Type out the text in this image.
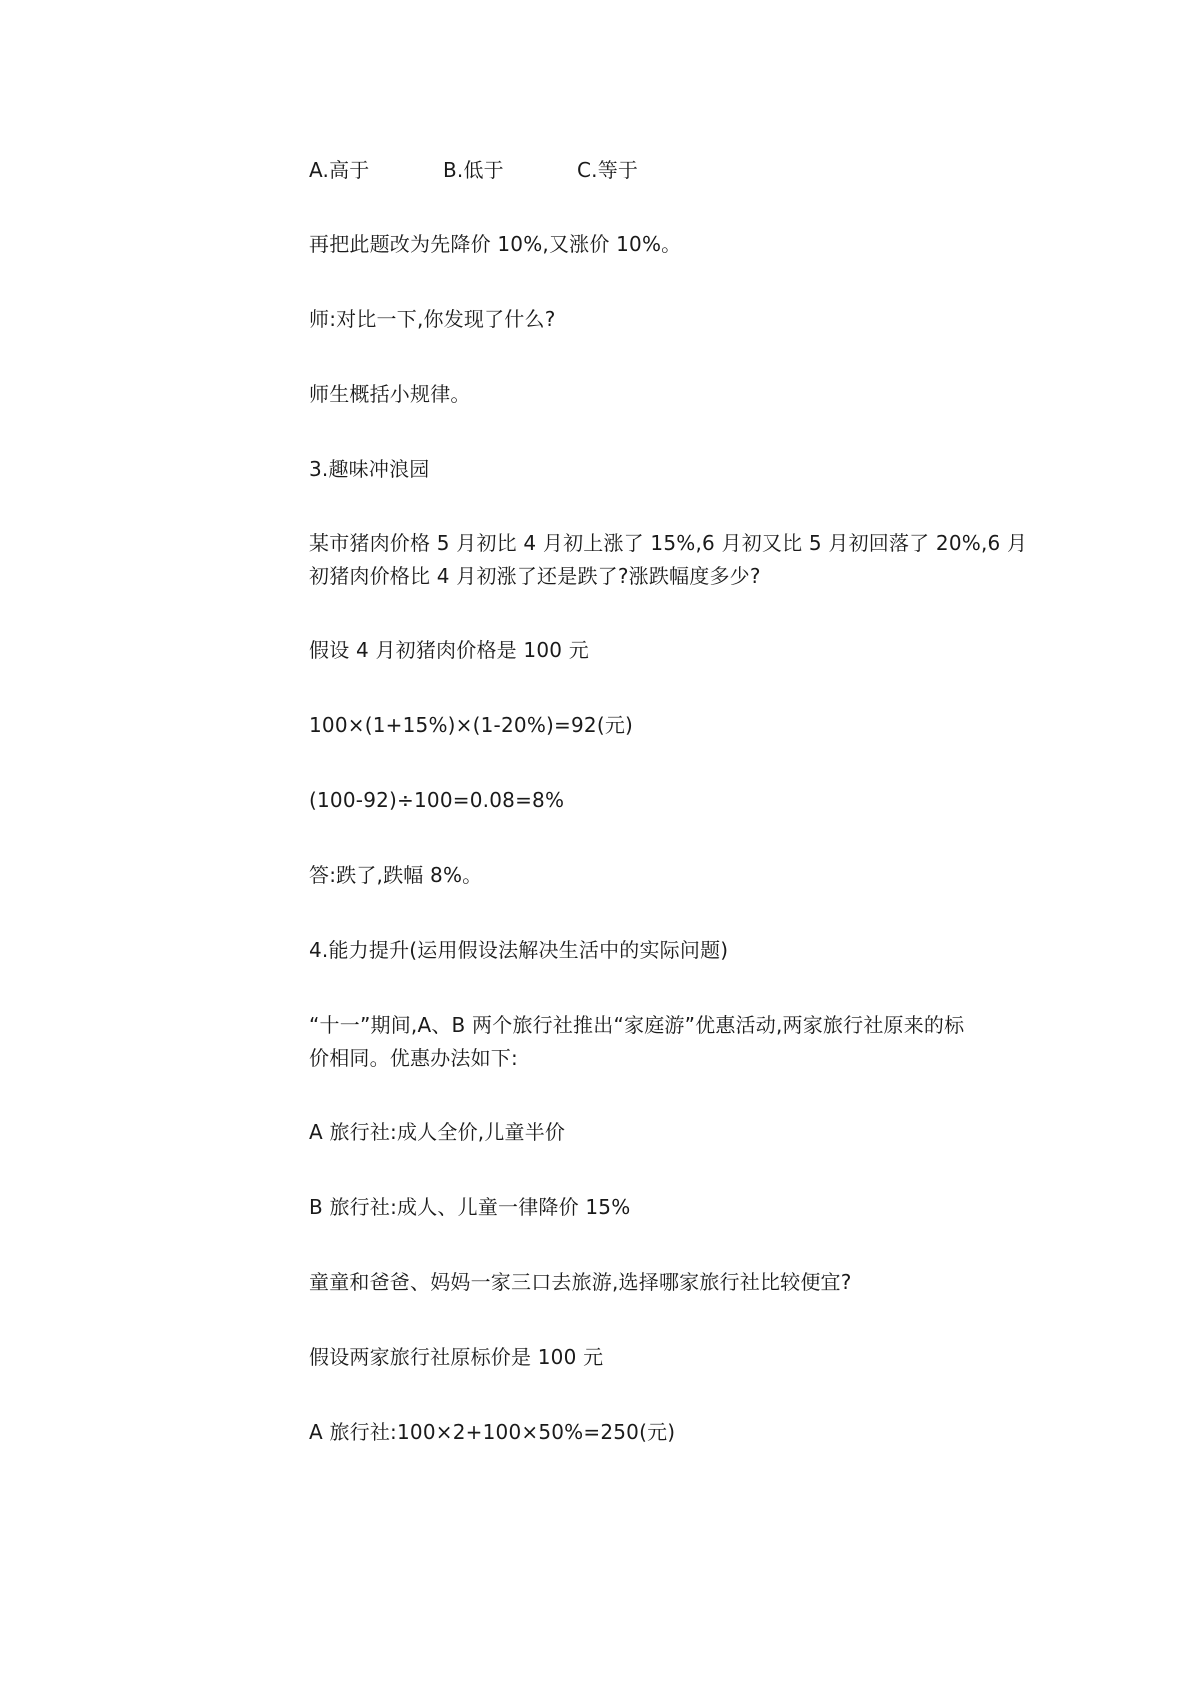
A.高于	B.低于	C.等于
再把此题改为先降价 10%,又涨价 10%。
师:对比一下,你发现了什么?
师生概括小规律。
3.趣味冲浪园
某市猪肉价格 5 月初比 4 月初上涨了 15%,6 月初又比 5 月初回落了 20%,6 月
初猪肉价格比 4 月初涨了还是跌了?涨跌幅度多少?
假设 4 月初猪肉价格是 100 元
100×(1+15%)×(1-20%)=92(元)
(100-92)÷100=0.08=8%
答:跌了,跌幅 8%。
4.能力提升(运用假设法解决生活中的实际问题)
“十一”期间,A、B 两个旅行社推出“家庭游”优惠活动,两家旅行社原来的标
价相同。优惠办法如下:
A 旅行社:成人全价,儿童半价
B 旅行社:成人、儿童一律降价 15%
童童和爸爸、妈妈一家三口去旅游,选择哪家旅行社比较便宜?
假设两家旅行社原标价是 100 元
A 旅行社:100×2+100×50%=250(元)
